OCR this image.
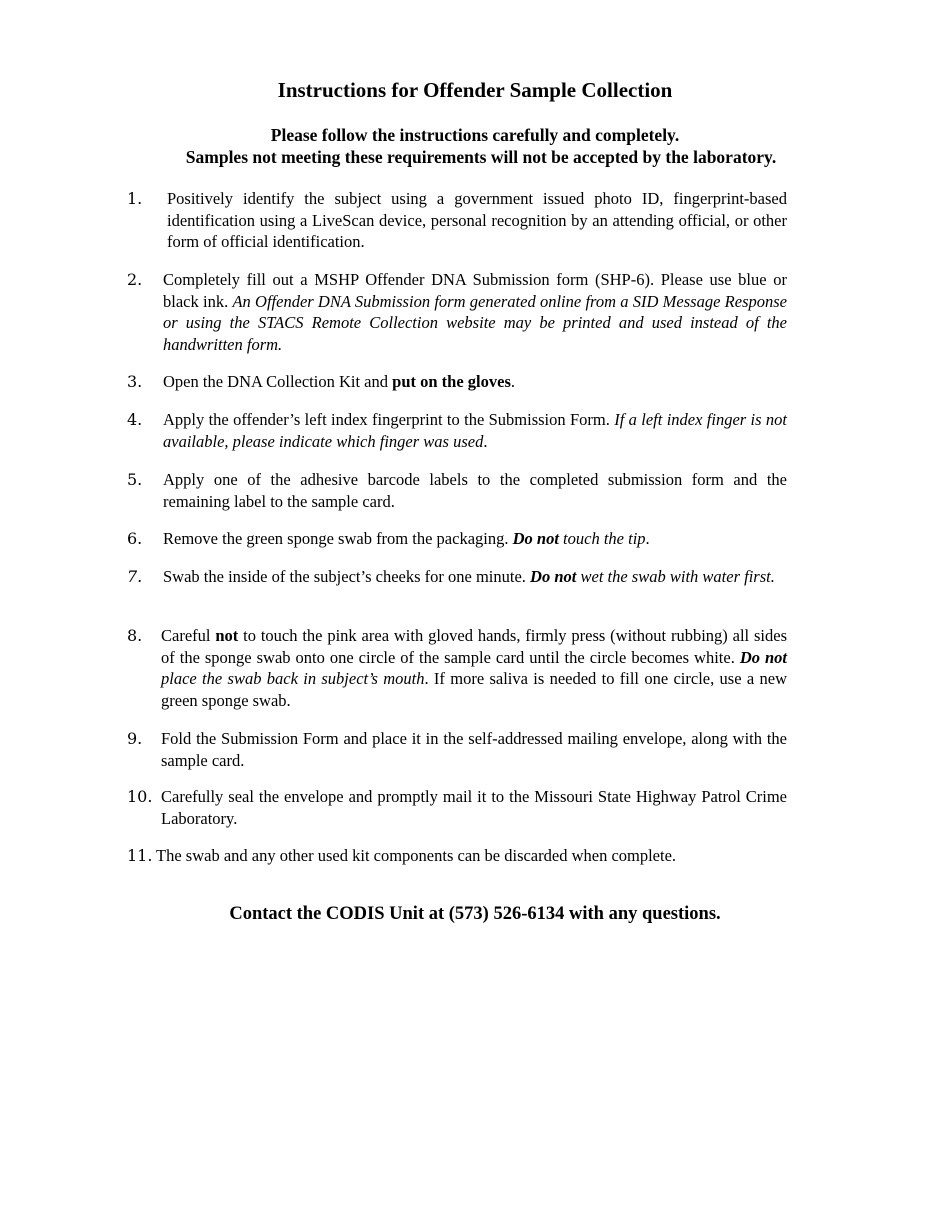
Instructions for Offender Sample Collection
Please follow the instructions carefully and completely.
Samples not meeting these requirements will not be accepted by the laboratory.
1. Positively identify the subject using a government issued photo ID, fingerprint-based identification using a LiveScan device, personal recognition by an attending official, or other form of official identification.
2. Completely fill out a MSHP Offender DNA Submission form (SHP-6). Please use blue or black ink. An Offender DNA Submission form generated online from a SID Message Response or using the STACS Remote Collection website may be printed and used instead of the handwritten form.
3. Open the DNA Collection Kit and put on the gloves.
4. Apply the offender’s left index fingerprint to the Submission Form. If a left index finger is not available, please indicate which finger was used.
5. Apply one of the adhesive barcode labels to the completed submission form and the remaining label to the sample card.
6. Remove the green sponge swab from the packaging. Do not touch the tip.
7. Swab the inside of the subject’s cheeks for one minute. Do not wet the swab with water first.
8. Careful not to touch the pink area with gloved hands, firmly press (without rubbing) all sides of the sponge swab onto one circle of the sample card until the circle becomes white. Do not place the swab back in subject’s mouth. If more saliva is needed to fill one circle, use a new green sponge swab.
9. Fold the Submission Form and place it in the self-addressed mailing envelope, along with the sample card.
10. Carefully seal the envelope and promptly mail it to the Missouri State Highway Patrol Crime Laboratory.
11. The swab and any other used kit components can be discarded when complete.
Contact the CODIS Unit at (573) 526-6134 with any questions.
